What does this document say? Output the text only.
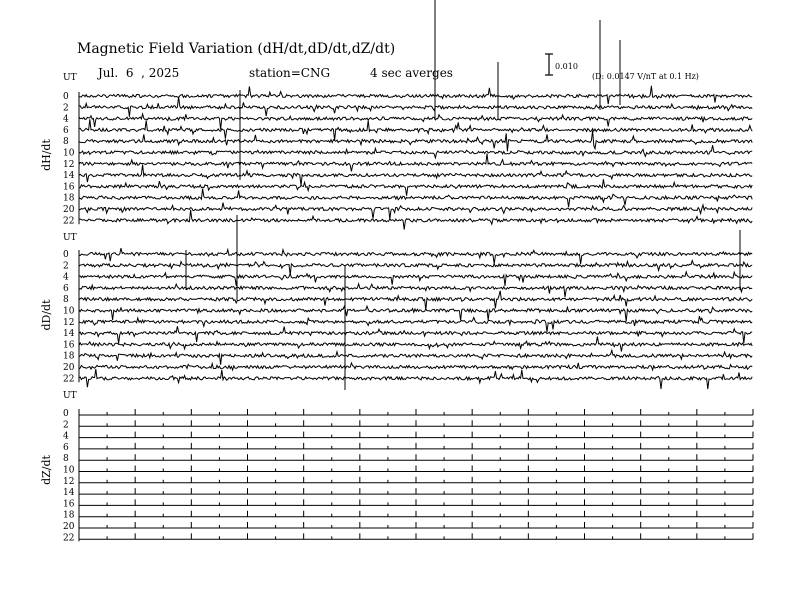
Magnetic Field Variation (dH/dt,dD/dt,dZ/dt)
Jul.  6  , 2025	station=CNG	4 sec averges	0.010
(D: 0.0147 V/nT at 0.1 Hz)
UT
dH/dt
0
2
4
6
8
10
12
14
16
18
20
22
UT
dD/dt
0
2
4
6
8
10
12
14
16
18
20
22
UT
dZ/dt
0
2
4
6
8
10
12
14
16
18
20
22
